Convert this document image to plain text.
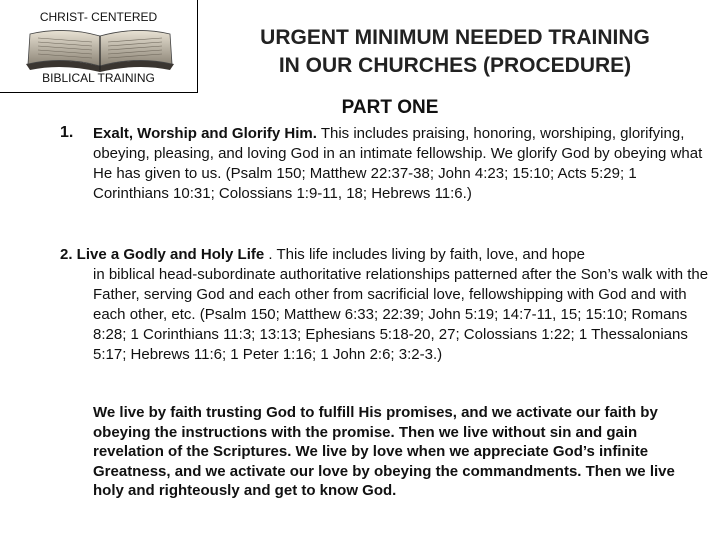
CHRIST- CENTERED
BIBLICAL TRAINING
URGENT MINIMUM NEEDED TRAINING
IN OUR CHURCHES (PROCEDURE)
PART ONE
1. Exalt, Worship and Glorify Him. This includes praising, honoring, worshiping, glorifying, obeying, pleasing, and loving God in an intimate fellowship. We glorify God by obeying what He has given to us. (Psalm 150; Matthew 22:37-38; John 4:23; 15:10; Acts 5:29; 1 Corinthians 10:31; Colossians 1:9-11, 18; Hebrews 11:6.)
2. Live a Godly and Holy Life . This life includes living by faith, love, and hope
in biblical head-subordinate authoritative relationships patterned after the Son’s walk with the Father, serving God and each other from sacrificial love, fellowshipping with God and with each other, etc. (Psalm 150; Matthew 6:33; 22:39; John 5:19; 14:7-11, 15; 15:10; Romans 8:28; 1 Corinthians 11:3; 13:13; Ephesians 5:18-20, 27; Colossians 1:22; 1 Thessalonians 5:17; Hebrews 11:6; 1 Peter 1:16; 1 John 2:6; 3:2-3.)
We live by faith trusting God to fulfill His promises, and we activate our faith by obeying the instructions with the promise. Then we live without sin and gain revelation of the Scriptures. We live by love when we appreciate God’s infinite Greatness, and we activate our love by obeying the commandments. Then we live holy and righteously and get to know God.
